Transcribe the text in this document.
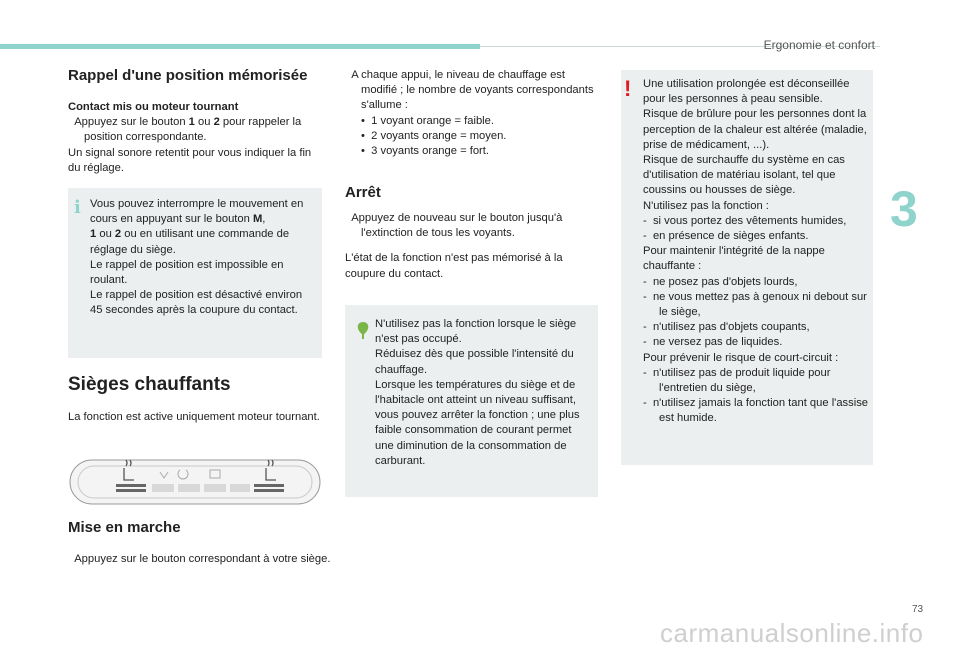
Ergonomie et confort
3
Rappel d'une position mémorisée
Contact mis ou moteur tournant
Appuyez sur le bouton 1 ou 2 pour rappeler la position correspondante.
Un signal sonore retentit pour vous indiquer la fin du réglage.
i Vous pouvez interrompre le mouvement en cours en appuyant sur le bouton M,
1 ou 2 ou en utilisant une commande de réglage du siège.
Le rappel de position est impossible en roulant.
Le rappel de position est désactivé environ 45 secondes après la coupure du contact.
Sièges chauffants
La fonction est active uniquement moteur tournant.
Mise en marche
Appuyez sur le bouton correspondant à votre siège.
A chaque appui, le niveau de chauffage est modifié ; le nombre de voyants correspondants s'allume :
• 1 voyant orange = faible.
• 2 voyants orange = moyen.
• 3 voyants orange = fort.
Arrêt
Appuyez de nouveau sur le bouton jusqu'à l'extinction de tous les voyants.
L'état de la fonction n'est pas mémorisé à la coupure du contact.
N'utilisez pas la fonction lorsque le siège n'est pas occupé.
Réduisez dès que possible l'intensité du chauffage.
Lorsque les températures du siège et de l'habitacle ont atteint un niveau suffisant, vous pouvez arrêter la fonction ; une plus faible consommation de courant permet une diminution de la consommation de carburant.
! Une utilisation prolongée est déconseillée pour les personnes à peau sensible.
Risque de brûlure pour les personnes dont la perception de la chaleur est altérée (maladie, prise de médicament, ...).
Risque de surchauffe du système en cas d'utilisation de matériau isolant, tel que coussins ou housses de siège.
N'utilisez pas la fonction :
- si vous portez des vêtements humides,
- en présence de sièges enfants.
Pour maintenir l'intégrité de la nappe chauffante :
- ne posez pas d'objets lourds,
- ne vous mettez pas à genoux ni debout sur le siège,
- n'utilisez pas d'objets coupants,
- ne versez pas de liquides.
Pour prévenir le risque de court-circuit :
- n'utilisez pas de produit liquide pour l'entretien du siège,
- n'utilisez jamais la fonction tant que l'assise est humide.
73
carmanualsonline.info
